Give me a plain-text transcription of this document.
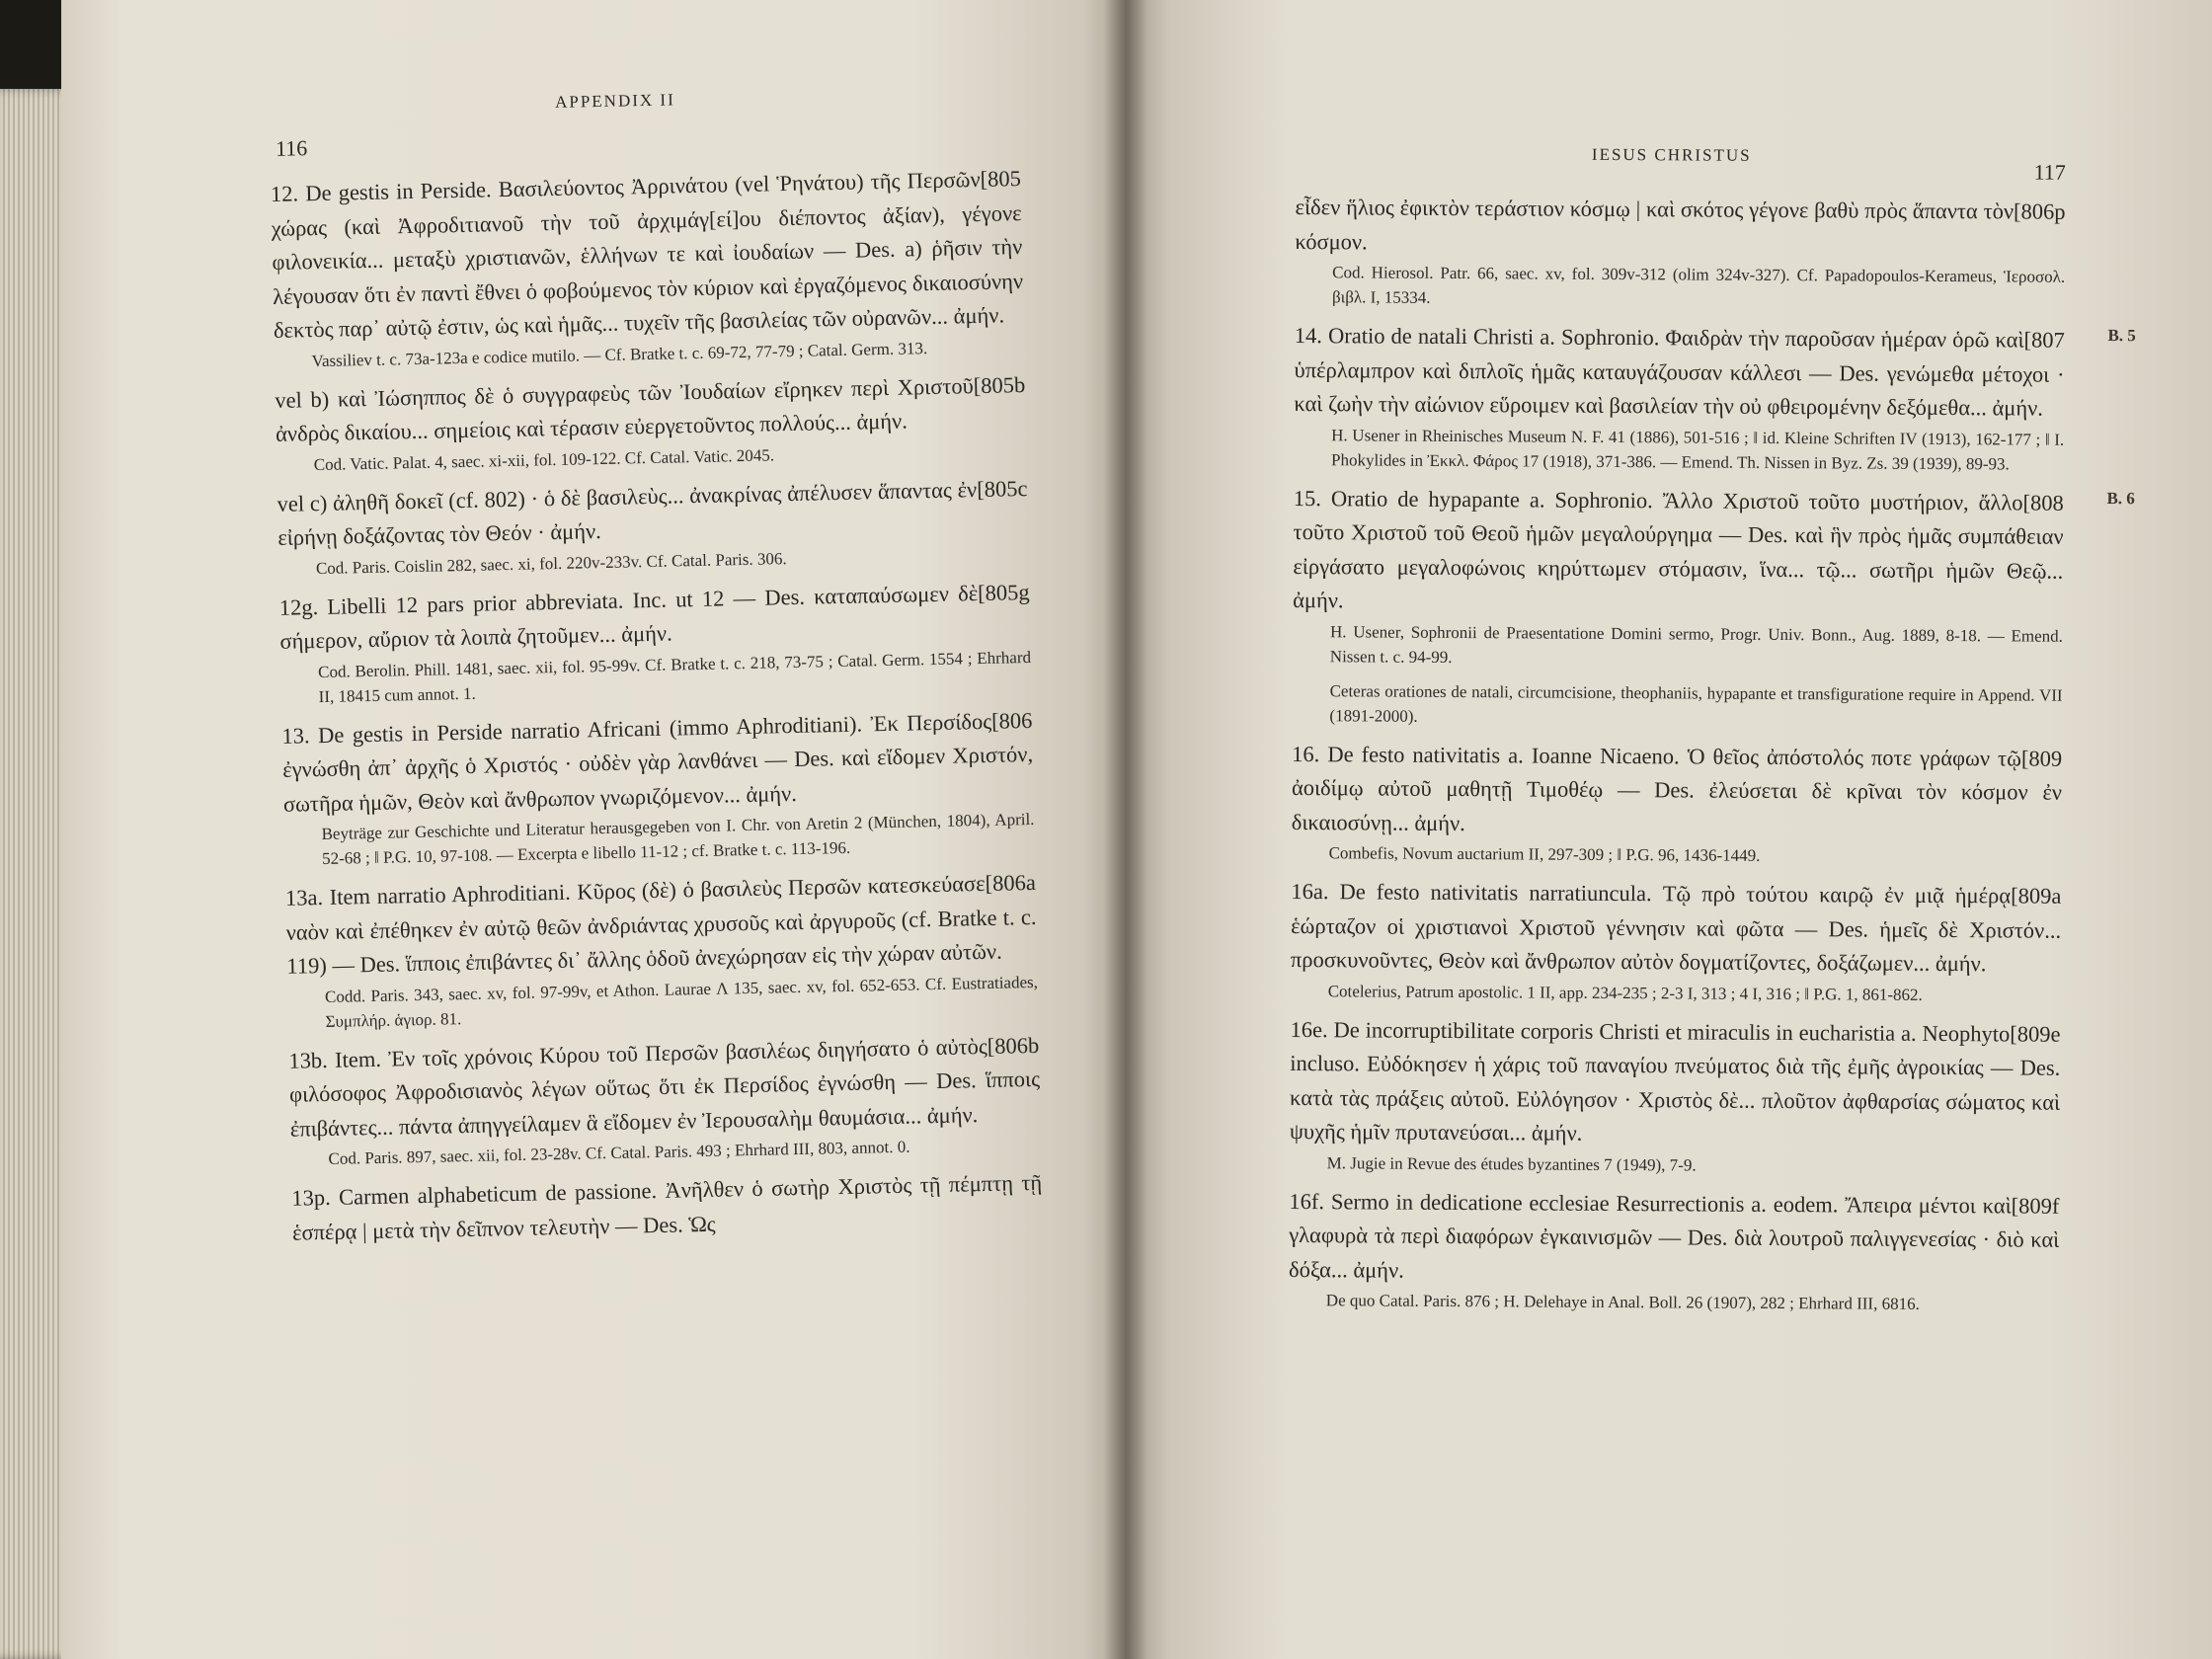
APPENDIX II
116
[805
12. De gestis in Perside. Βασιλεύοντος Ἀρρινάτου (vel Ῥηνάτου) τῆς Περσῶν χώρας (καὶ Ἀφροδιτιανοῦ τὴν τοῦ ἀρχιμάγ[εί]ου διέποντος ἀξίαν), γέγονε φιλονεικία... μεταξὺ χριστιανῶν, ἑλλήνων τε καὶ ἰουδαίων — Des. a) ῥῆσιν τὴν λέγουσαν ὅτι ἐν παντὶ ἔθνει ὁ φοβούμενος τὸν κύριον καὶ ἐργαζόμενος δικαιοσύνην δεκτὸς παρ᾽ αὐτῷ ἐστιν, ὡς καὶ ἡμᾶς... τυχεῖν τῆς βασιλείας τῶν οὐρανῶν... ἀμήν.
Vassiliev t. c. 73a-123a e codice mutilo. — Cf. Bratke t. c. 69-72, 77-79 ; Catal. Germ. 313.
[805b
vel b) καὶ Ἰώσηππος δὲ ὁ συγγραφεὺς τῶν Ἰουδαίων εἴρηκεν περὶ Χριστοῦ ἀνδρὸς δικαίου... σημείοις καὶ τέρασιν εὐεργετοῦντος πολλούς... ἀμήν.
Cod. Vatic. Palat. 4, saec. xi-xii, fol. 109-122. Cf. Catal. Vatic. 2045.
[805c
vel c) ἀληθῆ δοκεῖ (cf. 802) · ὁ δὲ βασιλεὺς... ἀνακρίνας ἀπέλυσεν ἅπαντας ἐν εἰρήνῃ δοξάζοντας τὸν Θεόν · ἀμήν.
Cod. Paris. Coislin 282, saec. xi, fol. 220v-233v. Cf. Catal. Paris. 306.
[805g
12g. Libelli 12 pars prior abbreviata. Inc. ut 12 — Des. καταπαύσωμεν δὲ σήμερον, αὔριον τὰ λοιπὰ ζητοῦμεν... ἀμήν.
Cod. Berolin. Phill. 1481, saec. xii, fol. 95-99v. Cf. Bratke t. c. 218, 73-75 ; Catal. Germ. 1554 ; Ehrhard II, 18415 cum annot. 1.
[806
13. De gestis in Perside narratio Africani (immo Aphroditiani). Ἐκ Περσίδος ἐγνώσθη ἀπ᾽ ἀρχῆς ὁ Χριστός · οὐδὲν γὰρ λανθάνει — Des. καὶ εἴδομεν Χριστόν, σωτῆρα ἡμῶν, Θεὸν καὶ ἄνθρωπον γνωριζόμενον... ἀμήν.
Beyträge zur Geschichte und Literatur herausgegeben von I. Chr. von Aretin 2 (München, 1804), April. 52-68 ; ‖ P.G. 10, 97-108. — Excerpta e libello 11-12 ; cf. Bratke t. c. 113-196.
[806a
13a. Item narratio Aphroditiani. Κῦρος (δὲ) ὁ βασιλεὺς Περσῶν κατεσκεύασε ναὸν καὶ ἐπέθηκεν ἐν αὐτῷ θεῶν ἀνδριάντας χρυσοῦς καὶ ἀργυροῦς (cf. Bratke t. c. 119) — Des. ἵπποις ἐπιβάντες δι᾽ ἄλλης ὁδοῦ ἀνεχώρησαν εἰς τὴν χώραν αὐτῶν.
Codd. Paris. 343, saec. xv, fol. 97-99v, et Athon. Laurae Λ 135, saec. xv, fol. 652-653. Cf. Eustratiades, Συμπλήρ. ἁγιορ. 81.
[806b
13b. Item. Ἐν τοῖς χρόνοις Κύρου τοῦ Περσῶν βασιλέως διηγήσατο ὁ αὐτὸς φιλόσοφος Ἀφροδισιανὸς λέγων οὕτως ὅτι ἐκ Περσίδος ἐγνώσθη — Des. ἵπποις ἐπιβάντες... πάντα ἀπηγγείλαμεν ἃ εἴδομεν ἐν Ἰερουσαλὴμ θαυμάσια... ἀμήν.
Cod. Paris. 897, saec. xii, fol. 23-28v. Cf. Catal. Paris. 493 ; Ehrhard III, 803, annot. 0.
13p. Carmen alphabeticum de passione. Ἀνῆλθεν ὁ σωτὴρ Χριστὸς τῇ πέμπτῃ τῇ ἑσπέρᾳ | μετὰ τὴν δεῖπνον τελευτὴν — Des. Ὡς
IESUS CHRISTUS
117
[806p
εἶδεν ἥλιος ἐφικτὸν τεράστιον κόσμῳ | καὶ σκότος γέγονε βαθὺ πρὸς ἅπαντα τὸν κόσμον.
Cod. Hierosol. Patr. 66, saec. xv, fol. 309v-312 (olim 324v-327). Cf. Papadopoulos-Kerameus, Ἱεροσολ. βιβλ. I, 15334.
B. 5
[807
14. Oratio de natali Christi a. Sophronio. Φαιδρὰν τὴν παροῦσαν ἡμέραν ὁρῶ καὶ ὑπέρλαμπρον καὶ διπλοῖς ἡμᾶς καταυγάζουσαν κάλλεσι — Des. γενώμεθα μέτοχοι · καὶ ζωὴν τὴν αἰώνιον εὕροιμεν καὶ βασιλείαν τὴν οὐ φθειρομένην δεξόμεθα... ἀμήν.
H. Usener in Rheinisches Museum N. F. 41 (1886), 501-516 ; ‖ id. Kleine Schriften IV (1913), 162-177 ; ‖ I. Phokylides in Ἐκκλ. Φάρος 17 (1918), 371-386. — Emend. Th. Nissen in Byz. Zs. 39 (1939), 89-93.
B. 6
[808
15. Oratio de hypapante a. Sophronio. Ἄλλο Χριστοῦ τοῦτο μυστήριον, ἄλλο τοῦτο Χριστοῦ τοῦ Θεοῦ ἡμῶν μεγαλούργημα — Des. καὶ ἣν πρὸς ἡμᾶς συμπάθειαν εἰργάσατο μεγαλοφώνοις κηρύττωμεν στόμασιν, ἵνα... τῷ... σωτῆρι ἡμῶν Θεῷ... ἀμήν.
H. Usener, Sophronii de Praesentatione Domini sermo, Progr. Univ. Bonn., Aug. 1889, 8-18. — Emend. Nissen t. c. 94-99.
Ceteras orationes de natali, circumcisione, theophaniis, hypapante et transfiguratione require in Append. VII (1891-2000).
[809
16. De festo nativitatis a. Ioanne Nicaeno. Ὁ θεῖος ἀπόστολός ποτε γράφων τῷ ἀοιδίμῳ αὐτοῦ μαθητῇ Τιμοθέῳ — Des. ἐλεύσεται δὲ κρῖναι τὸν κόσμον ἐν δικαιοσύνῃ... ἀμήν.
Combefis, Novum auctarium II, 297-309 ; ‖ P.G. 96, 1436-1449.
[809a
16a. De festo nativitatis narratiuncula. Τῷ πρὸ τούτου καιρῷ ἐν μιᾷ ἡμέρᾳ ἑώρταζον οἱ χριστιανοὶ Χριστοῦ γέννησιν καὶ φῶτα — Des. ἡμεῖς δὲ Χριστόν... προσκυνοῦντες, Θεὸν καὶ ἄνθρωπον αὐτὸν δογματίζοντες, δοξάζωμεν... ἀμήν.
Cotelerius, Patrum apostolic. 1 II, app. 234-235 ; 2-3 I, 313 ; 4 I, 316 ; ‖ P.G. 1, 861-862.
[809e
16e. De incorruptibilitate corporis Christi et miraculis in eucharistia a. Neophyto incluso. Εὐδόκησεν ἡ χάρις τοῦ παναγίου πνεύματος διὰ τῆς ἐμῆς ἀγροικίας — Des. κατὰ τὰς πράξεις αὐτοῦ. Εὐλόγησον · Χριστὸς δὲ... πλοῦτον ἀφθαρσίας σώματος καὶ ψυχῆς ἡμῖν πρυτανεύσαι... ἀμήν.
M. Jugie in Revue des études byzantines 7 (1949), 7-9.
[809f
16f. Sermo in dedicatione ecclesiae Resurrectionis a. eodem. Ἄπειρα μέντοι καὶ γλαφυρὰ τὰ περὶ διαφόρων ἐγκαινισμῶν — Des. διὰ λουτροῦ παλιγγενεσίας · διὸ καὶ δόξα... ἀμήν.
De quo Catal. Paris. 876 ; H. Delehaye in Anal. Boll. 26 (1907), 282 ; Ehrhard III, 6816.
